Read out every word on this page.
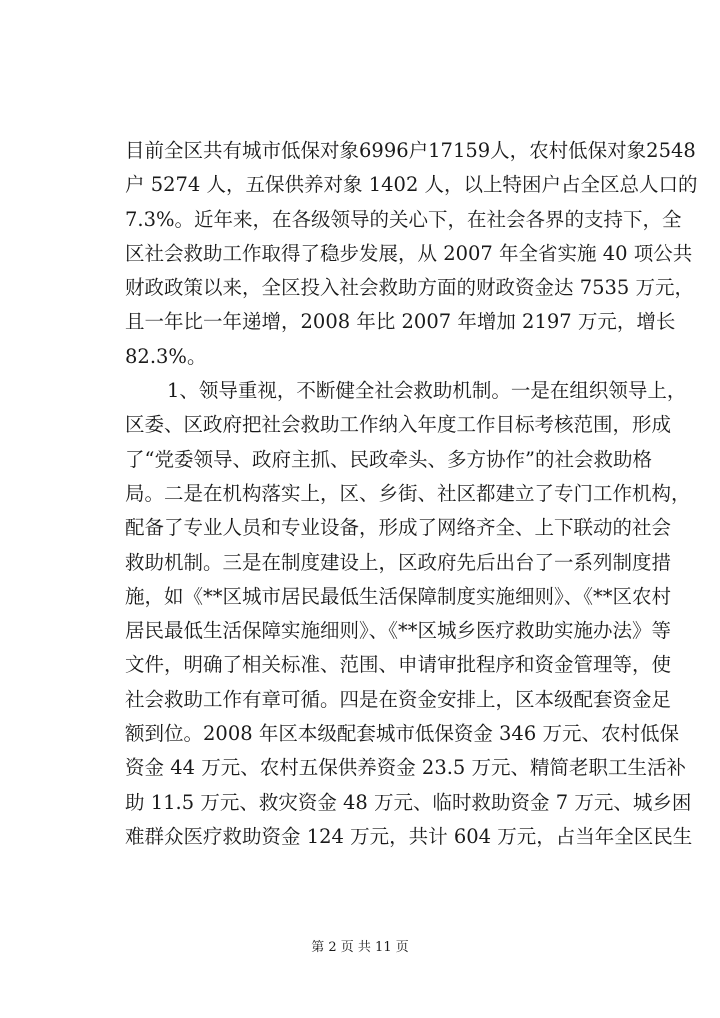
目前全区共有城市低保对象6996户17159人，农村低保对象2548
户 5274 人，五保供养对象 1402 人，以上特困户占全区总人口的
7.3%。近年来，在各级领导的关心下，在社会各界的支持下，全
区社会救助工作取得了稳步发展，从 2007 年全省实施 40 项公共
财政政策以来，全区投入社会救助方面的财政资金达 7535 万元，
且一年比一年递增，2008 年比 2007 年增加 2197 万元，增长
82.3%。
1、领导重视，不断健全社会救助机制。一是在组织领导上，
区委、区政府把社会救助工作纳入年度工作目标考核范围，形成
了“党委领导、政府主抓、民政牵头、多方协作”的社会救助格
局。二是在机构落实上，区、乡街、社区都建立了专门工作机构，
配备了专业人员和专业设备，形成了网络齐全、上下联动的社会
救助机制。三是在制度建设上，区政府先后出台了一系列制度措
施，如《**区城市居民最低生活保障制度实施细则》、《**区农村
居民最低生活保障实施细则》、《**区城乡医疗救助实施办法》等
文件，明确了相关标准、范围、申请审批程序和资金管理等，使
社会救助工作有章可循。四是在资金安排上，区本级配套资金足
额到位。2008 年区本级配套城市低保资金 346 万元、农村低保
资金 44 万元、农村五保供养资金 23.5 万元、精简老职工生活补
助 11.5 万元、救灾资金 48 万元、临时救助资金 7 万元、城乡困
难群众医疗救助资金 124 万元，共计 604 万元，占当年全区民生
第 2 页 共 11 页
